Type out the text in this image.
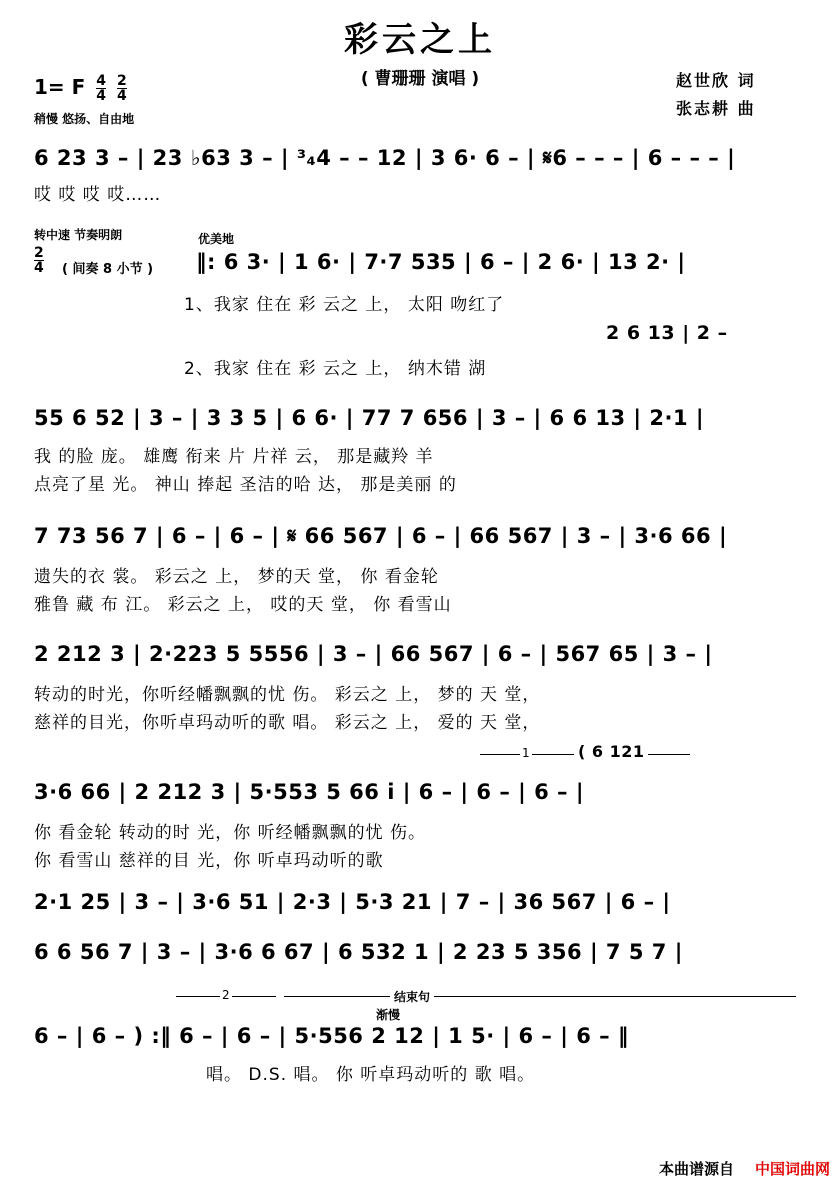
彩云之上
( 曹珊珊 演唱 )	赵世欣 词
张志耕 曲
1= F $\frac{4}{4}$
$\frac{2}{4}$
稍慢 悠扬、自由地
6 23 3 – | 23 ♭63 3 – | ³₄4 – – 12 | 3 6· 6 – | 𝄋6 – – – | 6 – – – |
哎 哎 哎 哎……
转中速 节奏明朗	优美地
$\frac{2}{4}$ ( 间奏 8 小节 ) ‖: 6 3· | 1 6· | 7·7 535 | 6 – | 2 6· | 13 2· |
1、我家 住在 彩 云之 上， 太阳 吻红了
2 6 13 | 2 –
2、我家 住在 彩 云之 上， 纳木错 湖
55 6 52 | 3 – | 3 3 5 | 6 6· | 77 7 656 | 3 – | 6 6 13 | 2·1 |
我 的脸 庞。 雄鹰 衔来 片 片祥 云， 那是藏羚 羊
点亮了星 光。 神山 捧起 圣洁的哈 达， 那是美丽 的
7 73 56 7 | 6 – | 6 – | 𝄋 66 567 | 6 – | 66 567 | 3 – | 3·6 66 |
遗失的衣 裳。 彩云之 上， 梦的天 堂， 你 看金轮
雅鲁 藏 布 江。 彩云之 上， 哎的天 堂， 你 看雪山
2 212 3 | 2·223 5 5556 | 3 – | 66 567 | 6 – | 567 65 | 3 – |
转动的时光，你听经幡飘飘的忧 伤。 彩云之 上， 梦的 天 堂，
慈祥的目光，你听卓玛动听的歌 唱。 彩云之 上， 爱的 天 堂，
1	( 6 121
3·6 66 | 2 212 3 | 5·553 5 66 i | 6 – | 6 – | 6 – |
你 看金轮 转动的时 光，你 听经幡飘飘的忧 伤。
你 看雪山 慈祥的目 光，你 听卓玛动听的歌
2·1 25 | 3 – | 3·6 51 | 2·3 | 5·3 21 | 7 – | 36 567 | 6 – |
6 6 56 7 | 3 – | 3·6 6 67 | 6 532 1 | 2 23 5 356 | 7 5 7 |
2	结束句
渐慢
6 – | 6 – ) :‖ 6 – | 6 – | 5·556 2 12 | 1 5· | 6 – | 6 – ‖
唱。 D.S. 唱。 你 听卓玛动听的 歌 唱。
本曲谱源自 中国词曲网
